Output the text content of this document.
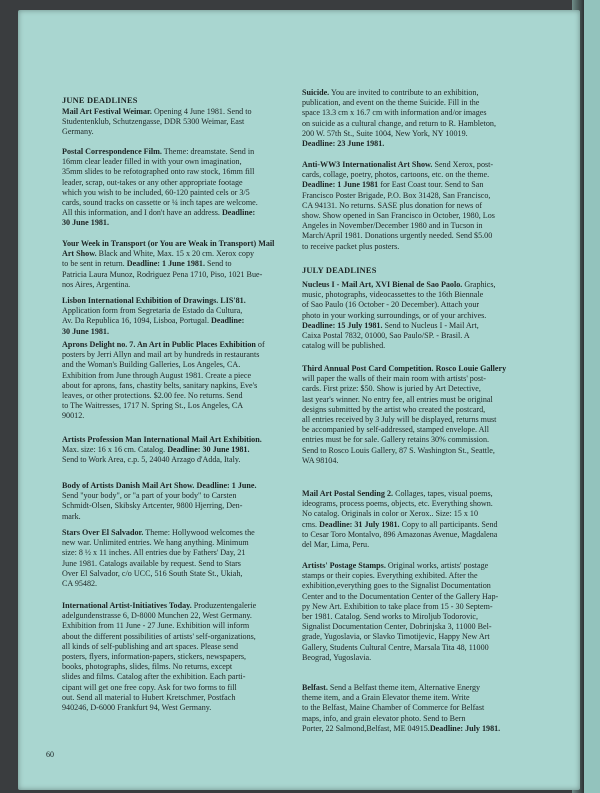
JUNE DEADLINES
Mail Art Festival Weimar. Opening 4 June 1981. Send to
Studentenklub, Schutzengasse, DDR 5300 Weimar, East
Germany.
Postal Correspondence Film. Theme: dreamstate. Send in
16mm clear leader filled in with your own imagination,
35mm slides to be refotographed onto raw stock, 16mm fill
leader, scrap, out-takes or any other appropriate footage
which you wish to be included, 60-120 painted cels or 3/5
cards, sound tracks on cassette or ¼ inch tapes are welcome.
All this information, and I don't have an address. Deadline:
30 June 1981.
Your Week in Transport (or You are Weak in Transport) Mail
Art Show. Black and White, Max. 15 x 20 cm. Xerox copy
to be sent in return. Deadline: 1 June 1981. Send to
Patricia Laura Munoz, Rodriguez Pena 1710, Piso, 1021 Bue-
nos Aires, Argentina.
Lisbon International Exhibition of Drawings. LIS'81.
Application form from Segretaria de Estado da Cultura,
Av. Da Republica 16, 1094, Lisboa, Portugal. Deadline:
30 June 1981.
Aprons Delight no. 7. An Art in Public Places Exhibition of
posters by Jerri Allyn and mail art by hundreds in restaurants
and the Woman's Building Galleries, Los Angeles, CA.
Exhibition from June through August 1981. Create a piece
about for aprons, fans, chastity belts, sanitary napkins, Eve's
leaves, or other protections. $2.00 fee. No returns. Send
to The Waitresses, 1717 N. Spring St., Los Angeles, CA
90012.
Artists Profession Man International Mail Art Exhibition.
Max. size: 16 x 16 cm. Catalog. Deadline: 30 June 1981.
Send to Work Area, c.p. 5, 24040 Arzago d'Adda, Italy.
Body of Artists Danish Mail Art Show. Deadline: 1 June.
Send "your body", or "a part of your body" to Carsten
Schmidt-Olsen, Skibsky Artcenter, 9800 Hjerring, Den-
mark.
Stars Over El Salvador. Theme: Hollywood welcomes the
new war. Unlimited entries. We hang anything. Minimum
size: 8 ½ x 11 inches. All entries due by Fathers' Day, 21
June 1981. Catalogs available by request. Send to Stars
Over El Salvador, c/o UCC, 516 South State St., Ukiah,
CA 95482.
International Artist-Initiatives Today. Produzentengalerie
adelgundenstrasse 6, D-8000 Munchen 22, West Germany.
Exhibition from 11 June - 27 June. Exhibition will inform
about the different possibilities of artists' self-organizations,
all kinds of self-publishing and art spaces. Please send
posters, flyers, information-papers, stickers, newspapers,
books, photographs, slides, films. No returns, except
slides and films. Catalog after the exhibition. Each parti-
cipant will get one free copy. Ask for two forms to fill
out. Send all material to Hubert Kretschmer, Postfach
940246, D-6000 Frankfurt 94, West Germany.
Suicide. You are invited to contribute to an exhibition,
publication, and event on the theme Suicide. Fill in the
space 13.3 cm x 16.7 cm with information and/or images
on suicide as a cultural change, and return to R. Hambleton,
200 W. 57th St., Suite 1004, New York, NY 10019.
Deadline: 23 June 1981.
Anti-WW3 Internationalist Art Show. Send Xerox, post-
cards, collage, poetry, photos, cartoons, etc. on the theme.
Deadline: 1 June 1981 for East Coast tour. Send to San
Francisco Poster Brigade, P.O. Box 31428, San Francisco,
CA 94131. No returns. SASE plus donation for news of
show. Show opened in San Francisco in October, 1980, Los
Angeles in November/December 1980 and in Tucson in
March/April 1981. Donations urgently needed. Send $5.00
to receive packet plus posters.
JULY DEADLINES
Nucleus I - Mail Art, XVI Bienal de Sao Paolo. Graphics,
music, photographs, videocassettes to the 16th Biennale
of Sao Paulo (16 October - 20 December). Attach your
photo in your working surroundings, or of your archives.
Deadline: 15 July 1981. Send to Nucleus I - Mail Art,
Caixa Postal 7832, 01000, Sao Paulo/SP. - Brasil. A
catalog will be published.
Third Annual Post Card Competition. Rosco Louie Gallery
will paper the walls of their main room with artists' post-
cards. First prize: $50. Show is juried by Art Detective,
last year's winner. No entry fee, all entries must be original
designs submitted by the artist who created the postcard,
all entries received by 3 July will be displayed, returns must
be accompanied by self-addressed, stamped envelope. All
entries must be for sale. Gallery retains 30% commission.
Send to Rosco Louis Gallery, 87 S. Washington St., Seattle,
WA 98104.
Mail Art Postal Sending 2. Collages, tapes, visual poems,
ideograms, process poems, objects, etc. Everything shown.
No catalog. Originals in color or Xerox.. Size: 15 x 10
cms. Deadline: 31 July 1981. Copy to all participants. Send
to Cesar Toro Montalvo, 896 Amazonas Avenue, Magdalena
del Mar, Lima, Peru.
Artists' Postage Stamps. Original works, artists' postage
stamps or their copies. Everything exhibited. After the
exhibition,everything goes to the Signalist Documentation
Center and to the Documentation Center of the Gallery Hap-
py New Art. Exhibition to take place from 15 - 30 Septem-
ber 1981. Catalog. Send works to Miroljub Todorovic,
Signalist Documentation Center, Dobrinjska 3, 11000 Bel-
grade, Yugoslavia, or Slavko Timotijevic, Happy New Art
Gallery, Students Cultural Centre, Marsala Tita 48, 11000
Beograd, Yugoslavia.
Belfast. Send a Belfast theme item, Alternative Energy
theme item, and a Grain Elevator theme item. Write
to the Belfast, Maine Chamber of Commerce for Belfast
maps, info, and grain elevator photo. Send to Bern
Porter, 22 Salmond,Belfast, ME 04915.Deadline: July 1981.
60
